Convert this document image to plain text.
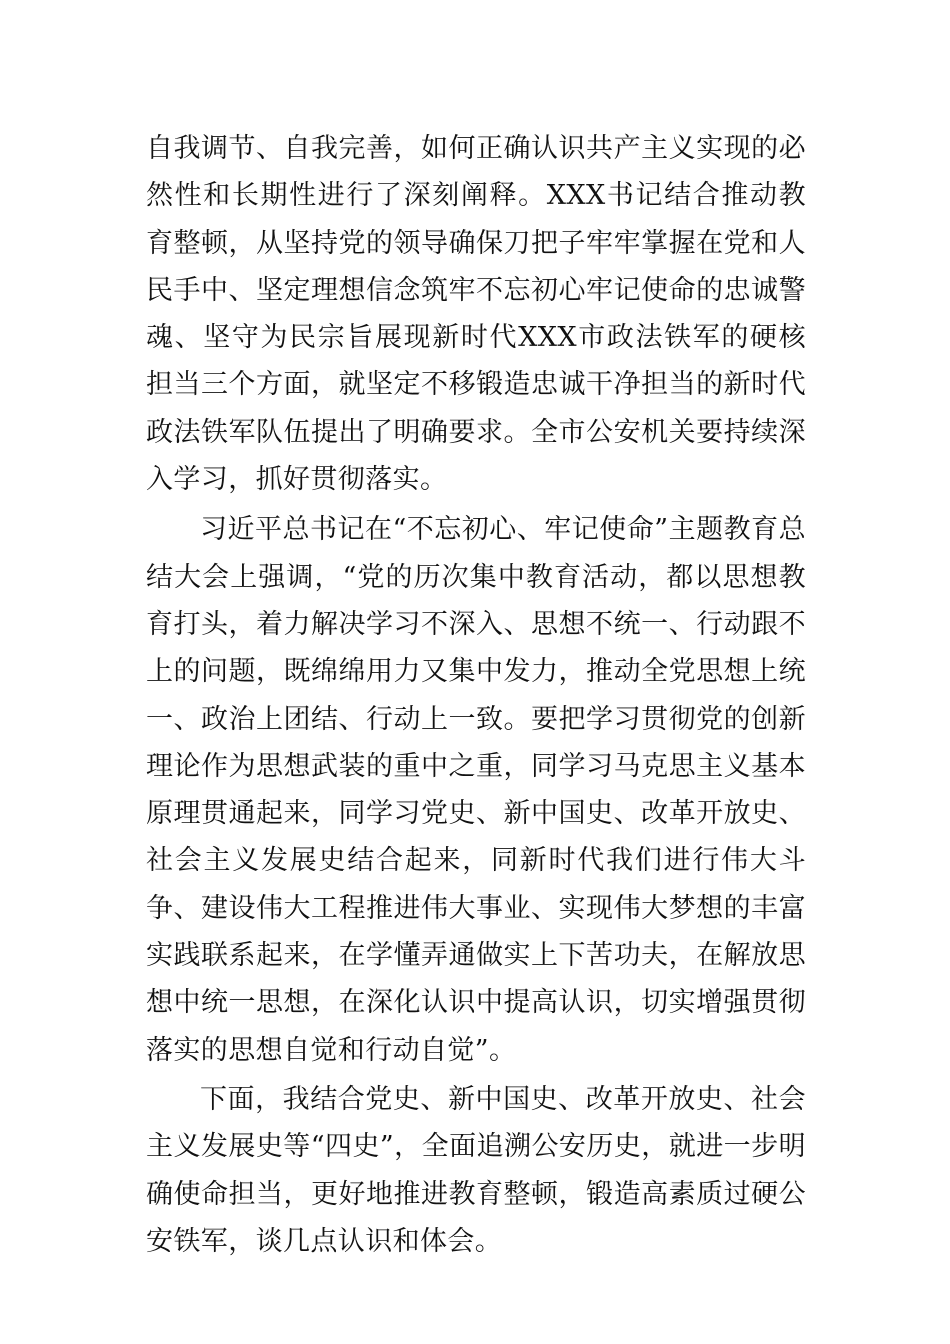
自我调节、自我完善，如何正确认识共产主义实现的必然性和长期性进行了深刻阐释。XXX书记结合推动教育整顿，从坚持党的领导确保刀把子牢牢掌握在党和人民手中、坚定理想信念筑牢不忘初心牢记使命的忠诚警魂、坚守为民宗旨展现新时代XXX市政法铁军的硬核担当三个方面，就坚定不移锻造忠诚干净担当的新时代政法铁军队伍提出了明确要求。全市公安机关要持续深入学习，抓好贯彻落实。

习近平总书记在“不忘初心、牢记使命”主题教育总结大会上强调，“党的历次集中教育活动，都以思想教育打头，着力解决学习不深入、思想不统一、行动跟不上的问题，既绵绵用力又集中发力，推动全党思想上统一、政治上团结、行动上一致。要把学习贯彻党的创新理论作为思想武装的重中之重，同学习马克思主义基本原理贯通起来，同学习党史、新中国史、改革开放史、社会主义发展史结合起来，同新时代我们进行伟大斗争、建设伟大工程推进伟大事业、实现伟大梦想的丰富实践联系起来，在学懂弄通做实上下苦功夫，在解放思想中统一思想，在深化认识中提高认识，切实增强贯彻落实的思想自觉和行动自觉”。

下面，我结合党史、新中国史、改革开放史、社会主义发展史等“四史”，全面追溯公安历史，就进一步明确使命担当，更好地推进教育整顿，锻造高素质过硬公安铁军，谈几点认识和体会。
